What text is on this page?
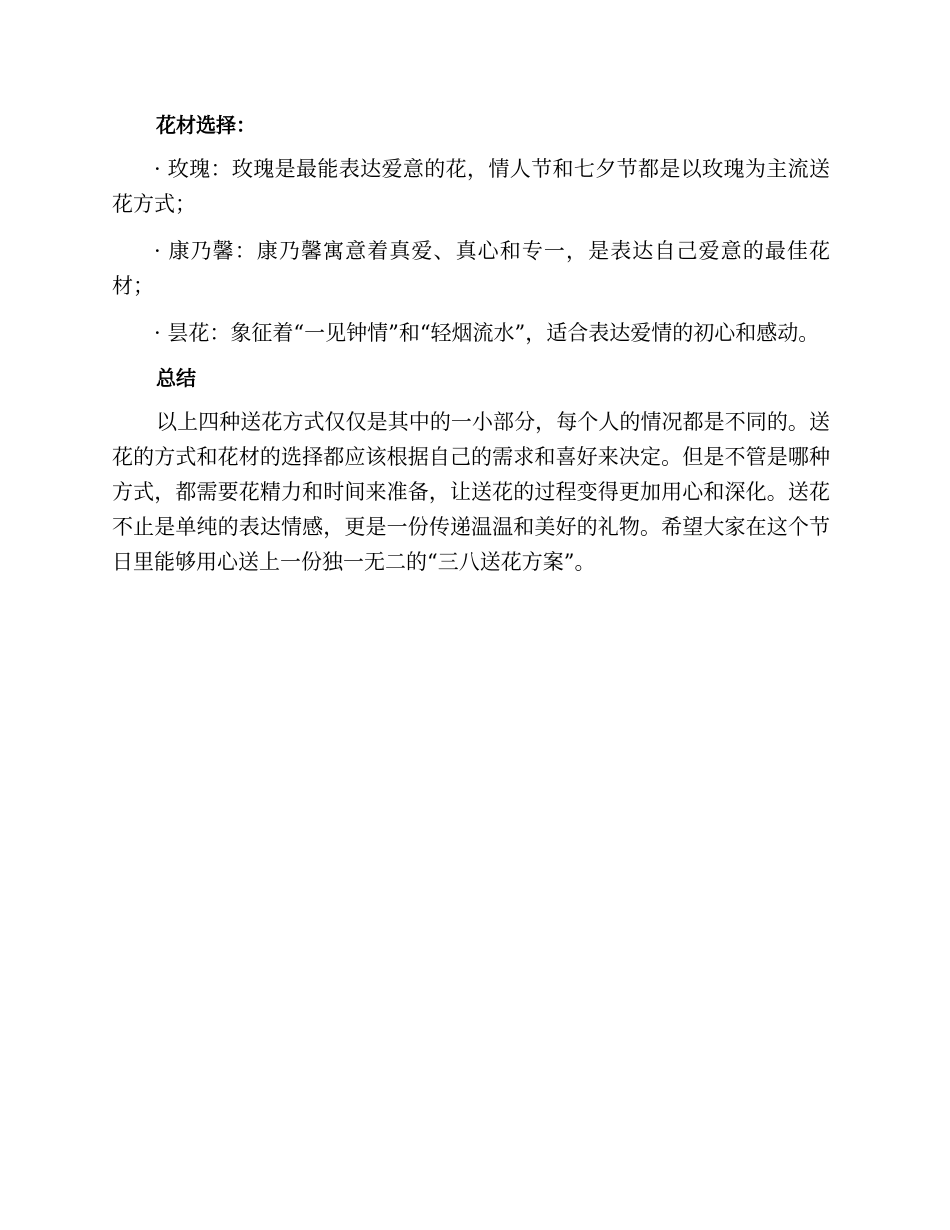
花材选择：
· 玫瑰：玫瑰是最能表达爱意的花，情人节和七夕节都是以玫瑰为主流送花方式；
· 康乃馨：康乃馨寓意着真爱、真心和专一，是表达自己爱意的最佳花材；
· 昙花：象征着“一见钟情”和“轻烟流水”，适合表达爱情的初心和感动。
总结
以上四种送花方式仅仅是其中的一小部分，每个人的情况都是不同的。送花的方式和花材的选择都应该根据自己的需求和喜好来决定。但是不管是哪种方式，都需要花精力和时间来准备，让送花的过程变得更加用心和深化。送花不止是单纯的表达情感，更是一份传递温温和美好的礼物。希望大家在这个节日里能够用心送上一份独一无二的“三八送花方案”。
